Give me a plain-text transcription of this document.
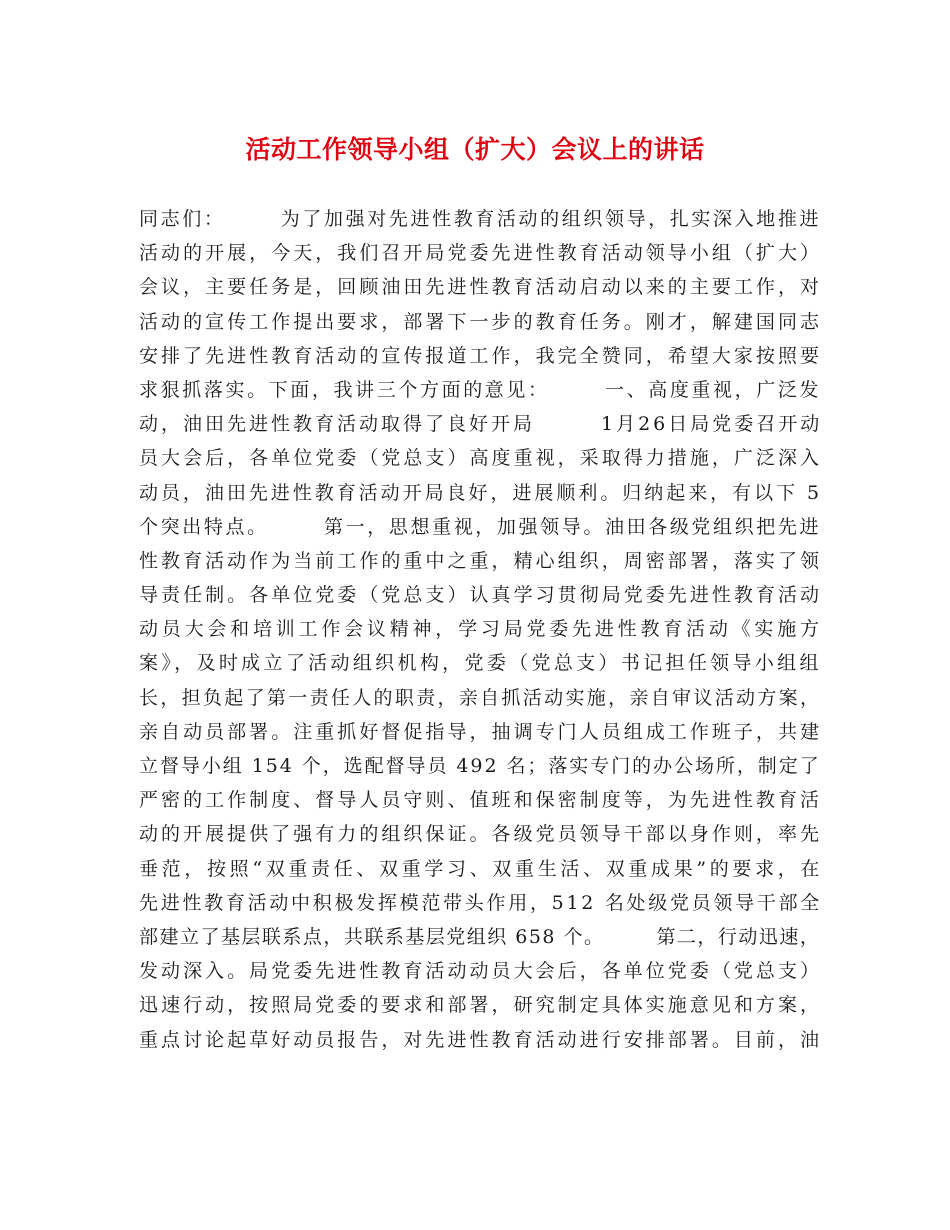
活动工作领导小组（扩大）会议上的讲话
同志们：　　　为了加强对先进性教育活动的组织领导，扎实深入地推进
活动的开展，今天，我们召开局党委先进性教育活动领导小组（扩大）
会议，主要任务是，回顾油田先进性教育活动启动以来的主要工作，对
活动的宣传工作提出要求，部署下一步的教育任务。刚才，解建国同志
安排了先进性教育活动的宣传报道工作，我完全赞同，希望大家按照要
求狠抓落实。下面，我讲三个方面的意见：　　　一、高度重视，广泛发
动，油田先进性教育活动取得了良好开局　　　1月26日局党委召开动
员大会后，各单位党委（党总支）高度重视，采取得力措施，广泛深入
动员，油田先进性教育活动开局良好，进展顺利。归纳起来，有以下 5
个突出特点。　　　第一，思想重视，加强领导。油田各级党组织把先进
性教育活动作为当前工作的重中之重，精心组织，周密部署，落实了领
导责任制。各单位党委（党总支）认真学习贯彻局党委先进性教育活动
动员大会和培训工作会议精神，学习局党委先进性教育活动《实施方
案》，及时成立了活动组织机构，党委（党总支）书记担任领导小组组
长，担负起了第一责任人的职责，亲自抓活动实施，亲自审议活动方案，
亲自动员部署。注重抓好督促指导，抽调专门人员组成工作班子，共建
立督导小组 154 个，选配督导员 492 名；落实专门的办公场所，制定了
严密的工作制度、督导人员守则、值班和保密制度等，为先进性教育活
动的开展提供了强有力的组织保证。各级党员领导干部以身作则，率先
垂范，按照“双重责任、双重学习、双重生活、双重成果”的要求，在
先进性教育活动中积极发挥模范带头作用，512 名处级党员领导干部全
部建立了基层联系点，共联系基层党组织 658 个。　　　第二，行动迅速，
发动深入。局党委先进性教育活动动员大会后，各单位党委（党总支）
迅速行动，按照局党委的要求和部署，研究制定具体实施意见和方案，
重点讨论起草好动员报告，对先进性教育活动进行安排部署。目前，油
